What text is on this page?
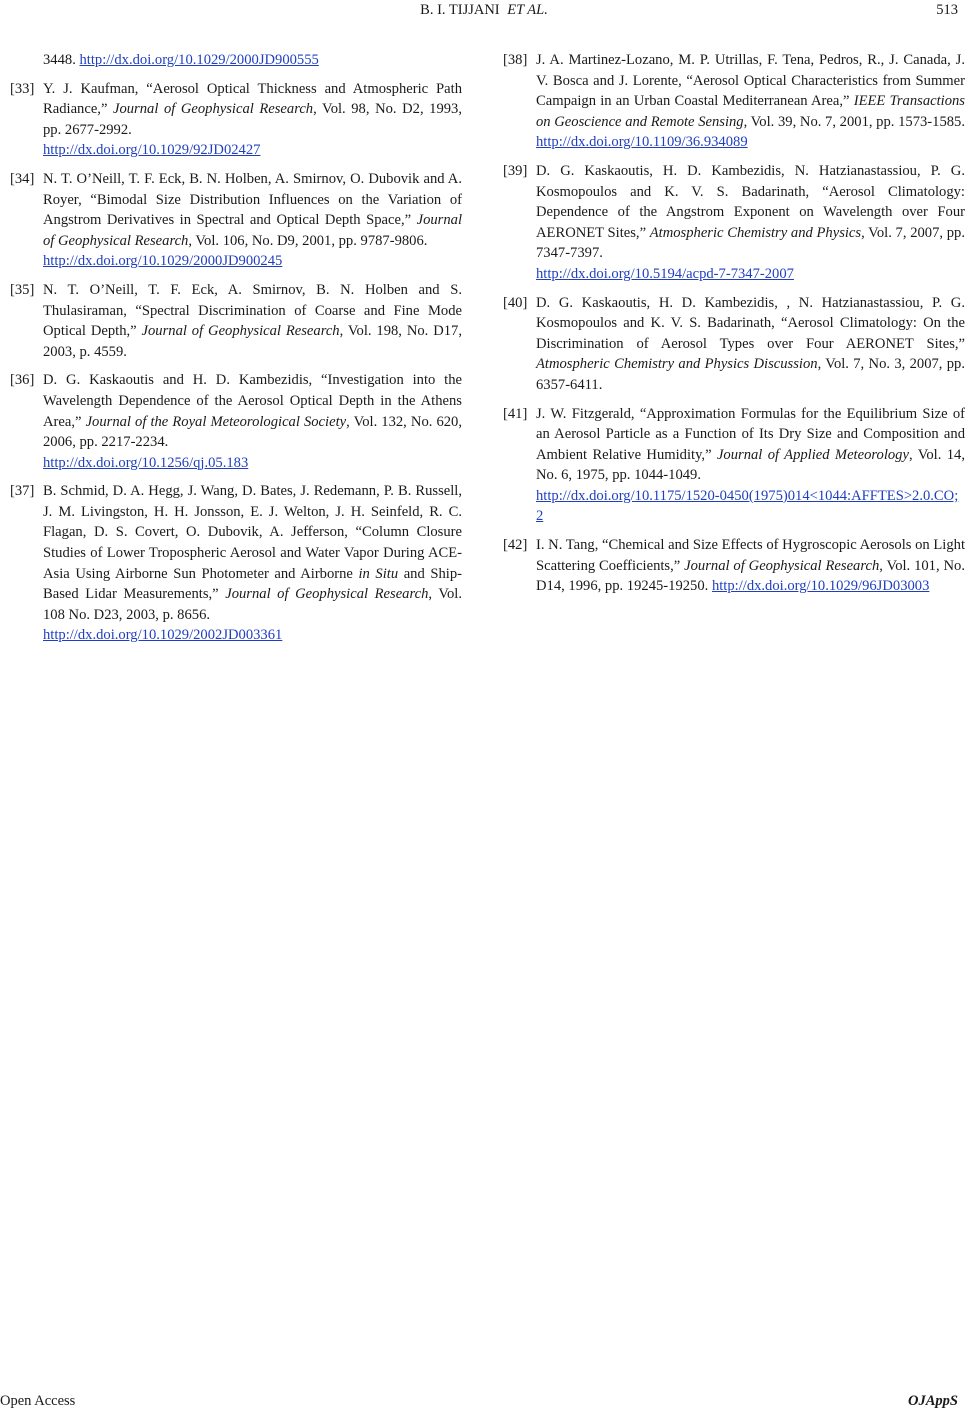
B. I. TIJJANI ET AL.	513
3448. http://dx.doi.org/10.1029/2000JD900555
[33] Y. J. Kaufman, “Aerosol Optical Thickness and Atmospheric Path Radiance,” Journal of Geophysical Research, Vol. 98, No. D2, 1993, pp. 2677-2992.
http://dx.doi.org/10.1029/92JD02427
[34] N. T. O’Neill, T. F. Eck, B. N. Holben, A. Smirnov, O. Dubovik and A. Royer, “Bimodal Size Distribution Influences on the Variation of Angstrom Derivatives in Spectral and Optical Depth Space,” Journal of Geophysical Research, Vol. 106, No. D9, 2001, pp. 9787-9806.
http://dx.doi.org/10.1029/2000JD900245
[35] N. T. O’Neill, T. F. Eck, A. Smirnov, B. N. Holben and S. Thulasiraman, “Spectral Discrimination of Coarse and Fine Mode Optical Depth,” Journal of Geophysical Research, Vol. 198, No. D17, 2003, p. 4559.
[36] D. G. Kaskaoutis and H. D. Kambezidis, “Investigation into the Wavelength Dependence of the Aerosol Optical Depth in the Athens Area,” Journal of the Royal Meteorological Society, Vol. 132, No. 620, 2006, pp. 2217-2234.
http://dx.doi.org/10.1256/qj.05.183
[37] B. Schmid, D. A. Hegg, J. Wang, D. Bates, J. Redemann, P. B. Russell, J. M. Livingston, H. H. Jonsson, E. J. Welton, J. H. Seinfeld, R. C. Flagan, D. S. Covert, O. Dubovik, A. Jefferson, “Column Closure Studies of Lower Tropospheric Aerosol and Water Vapor During ACE-Asia Using Airborne Sun Photometer and Airborne in Situ and Ship-Based Lidar Measurements,” Journal of Geophysical Research, Vol. 108 No. D23, 2003, p. 8656.
http://dx.doi.org/10.1029/2002JD003361
[38] J. A. Martinez-Lozano, M. P. Utrillas, F. Tena, Pedros, R., J. Canada, J. V. Bosca and J. Lorente, “Aerosol Optical Characteristics from Summer Campaign in an Urban Coastal Mediterranean Area,” IEEE Transactions on Geoscience and Remote Sensing, Vol. 39, No. 7, 2001, pp. 1573-1585. http://dx.doi.org/10.1109/36.934089
[39] D. G. Kaskaoutis, H. D. Kambezidis, N. Hatzianastassiou, P. G. Kosmopoulos and K. V. S. Badarinath, “Aerosol Climatology: Dependence of the Angstrom Exponent on Wavelength over Four AERONET Sites,” Atmospheric Chemistry and Physics, Vol. 7, 2007, pp. 7347-7397.
http://dx.doi.org/10.5194/acpd-7-7347-2007
[40] D. G. Kaskaoutis, H. D. Kambezidis, , N. Hatzianastassiou, P. G. Kosmopoulos and K. V. S. Badarinath, “Aerosol Climatology: On the Discrimination of Aerosol Types over Four AERONET Sites,” Atmospheric Chemistry and Physics Discussion, Vol. 7, No. 3, 2007, pp. 6357-6411.
[41] J. W. Fitzgerald, “Approximation Formulas for the Equilibrium Size of an Aerosol Particle as a Function of Its Dry Size and Composition and Ambient Relative Humidity,” Journal of Applied Meteorology, Vol. 14, No. 6, 1975, pp. 1044-1049.
http://dx.doi.org/10.1175/1520-0450(1975)014<1044:AFFTES>2.0.CO;2
[42] I. N. Tang, “Chemical and Size Effects of Hygroscopic Aerosols on Light Scattering Coefficients,” Journal of Geophysical Research, Vol. 101, No. D14, 1996, pp. 19245-19250. http://dx.doi.org/10.1029/96JD03003
Open Access	OJAppS
